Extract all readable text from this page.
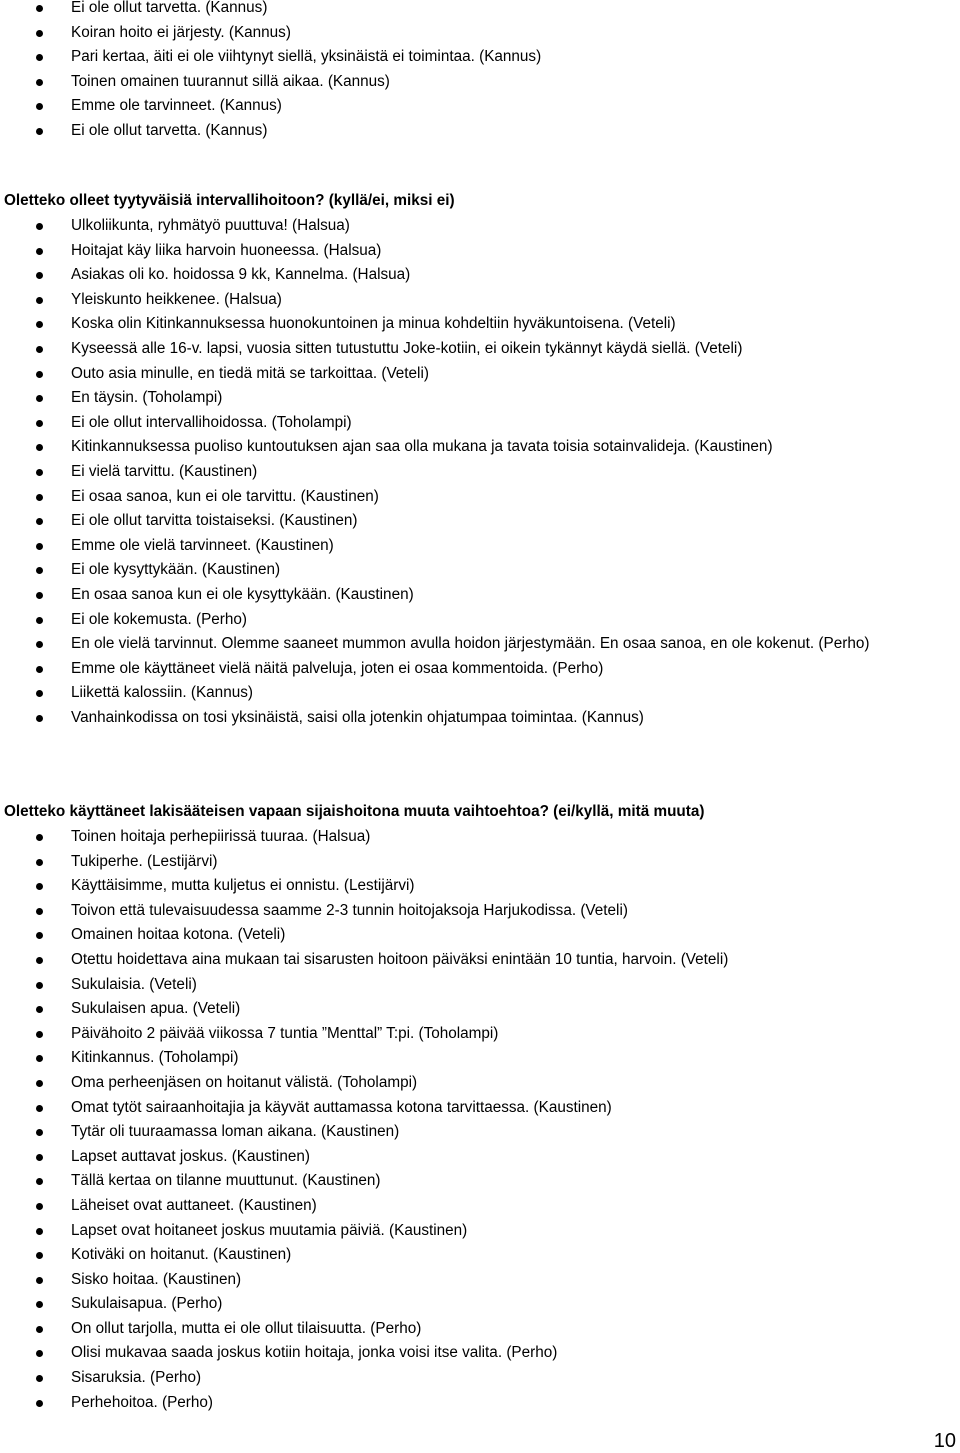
Ei ole ollut tarvetta. (Kannus)
Koiran hoito ei järjesty. (Kannus)
Pari kertaa, äiti ei ole viihtynyt siellä, yksinäistä ei toimintaa. (Kannus)
Toinen omainen tuurannut sillä aikaa. (Kannus)
Emme ole tarvinneet. (Kannus)
Ei ole ollut tarvetta. (Kannus)
Oletteko olleet tyytyväisiä intervallihoitoon? (kyllä/ei, miksi ei)
Ulkoliikunta, ryhmätyö puuttuva! (Halsua)
Hoitajat käy liika harvoin huoneessa. (Halsua)
Asiakas oli ko. hoidossa 9 kk, Kannelma. (Halsua)
Yleiskunto heikkenee. (Halsua)
Koska olin Kitinkannuksessa huonokuntoinen ja minua kohdeltiin hyväkuntoisena. (Veteli)
Kyseessä alle 16-v. lapsi, vuosia sitten tutustuttu Joke-kotiin, ei oikein tykännyt käydä siellä. (Veteli)
Outo asia minulle, en tiedä mitä se tarkoittaa. (Veteli)
En täysin. (Toholampi)
Ei ole ollut intervallihoidossa. (Toholampi)
Kitinkannuksessa puoliso kuntoutuksen ajan saa olla mukana ja tavata toisia sotainvalideja. (Kaustinen)
Ei vielä tarvittu. (Kaustinen)
Ei osaa sanoa, kun ei ole tarvittu. (Kaustinen)
Ei ole ollut tarvitta toistaiseksi. (Kaustinen)
Emme ole vielä tarvinneet. (Kaustinen)
Ei ole kysyttykään. (Kaustinen)
En osaa sanoa kun ei ole kysyttykään. (Kaustinen)
Ei ole kokemusta. (Perho)
En ole vielä tarvinnut. Olemme saaneet mummon avulla hoidon järjestymään. En osaa sanoa, en ole kokenut. (Perho)
Emme ole käyttäneet vielä näitä palveluja, joten ei osaa kommentoida. (Perho)
Liikettä kalossiin. (Kannus)
Vanhainkodissa on tosi yksinäistä, saisi olla jotenkin ohjatumpaa toimintaa. (Kannus)
Oletteko käyttäneet lakisääteisen vapaan sijaishoitona muuta vaihtoehtoa? (ei/kyllä, mitä muuta)
Toinen hoitaja perhepiirissä tuuraa. (Halsua)
Tukiperhe. (Lestijärvi)
Käyttäisimme, mutta kuljetus ei onnistu. (Lestijärvi)
Toivon että tulevaisuudessa saamme 2-3 tunnin hoitojaksoja Harjukodissa. (Veteli)
Omainen hoitaa kotona. (Veteli)
Otettu hoidettava aina mukaan tai sisarusten hoitoon päiväksi enintään 10 tuntia, harvoin. (Veteli)
Sukulaisia. (Veteli)
Sukulaisen apua. (Veteli)
Päivähoito 2 päivää viikossa 7 tuntia ”Menttal” T:pi. (Toholampi)
Kitinkannus. (Toholampi)
Oma perheenjäsen on hoitanut välistä. (Toholampi)
Omat tytöt sairaanhoitajia ja käyvät auttamassa kotona tarvittaessa. (Kaustinen)
Tytär oli tuuraamassa loman aikana. (Kaustinen)
Lapset auttavat joskus. (Kaustinen)
Tällä kertaa on tilanne muuttunut. (Kaustinen)
Läheiset ovat auttaneet. (Kaustinen)
Lapset ovat hoitaneet joskus muutamia päiviä. (Kaustinen)
Kotiväki on hoitanut. (Kaustinen)
Sisko hoitaa. (Kaustinen)
Sukulaisapua. (Perho)
On ollut tarjolla, mutta ei ole ollut tilaisuutta. (Perho)
Olisi mukavaa saada joskus kotiin hoitaja, jonka voisi itse valita. (Perho)
Sisaruksia. (Perho)
Perhehoitoa. (Perho)
10
